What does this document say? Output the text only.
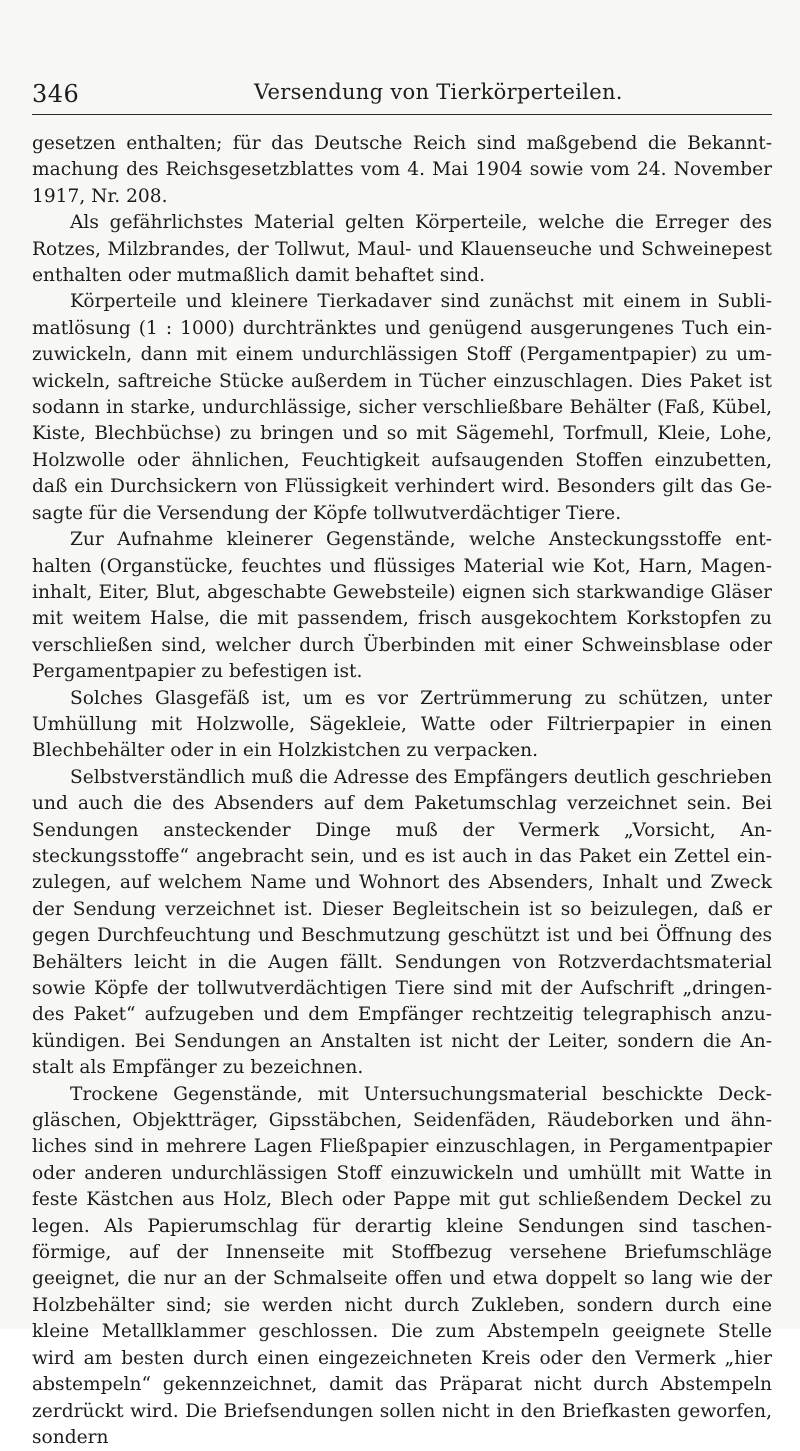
346	Versendung von Tierkörperteilen.

gesetzen enthalten; für das Deutsche Reich sind maßgebend die Bekanntmachung des Reichsgesetzblattes vom 4. Mai 1904 sowie vom 24. November 1917, Nr. 208.

Als gefährlichstes Material gelten Körperteile, welche die Erreger des Rotzes, Milzbrandes, der Tollwut, Maul- und Klauenseuche und Schweinepest enthalten oder mutmaßlich damit behaftet sind.

Körperteile und kleinere Tierkadaver sind zunächst mit einem in Sublimatlösung (1 : 1000) durchtränktes und genügend ausgerungenes Tuch einzuwickeln, dann mit einem undurchlässigen Stoff (Pergamentpapier) zu umwickeln, saftreiche Stücke außerdem in Tücher einzuschlagen. Dies Paket ist sodann in starke, undurchlässige, sicher verschließbare Behälter (Faß, Kübel, Kiste, Blechbüchse) zu bringen und so mit Sägemehl, Torfmull, Kleie, Lohe, Holzwolle oder ähnlichen, Feuchtigkeit aufsaugenden Stoffen einzubetten, daß ein Durchsickern von Flüssigkeit verhindert wird. Besonders gilt das Gesagte für die Versendung der Köpfe tollwutverdächtiger Tiere.

Zur Aufnahme kleinerer Gegenstände, welche Ansteckungsstoffe enthalten (Organstücke, feuchtes und flüssiges Material wie Kot, Harn, Mageninhalt, Eiter, Blut, abgeschabte Gewebsteile) eignen sich starkwandige Gläser mit weitem Halse, die mit passendem, frisch ausgekochtem Korkstopfen zu verschließen sind, welcher durch Überbinden mit einer Schweinsblase oder Pergamentpapier zu befestigen ist.

Solches Glasgefäß ist, um es vor Zertrümmerung zu schützen, unter Umhüllung mit Holzwolle, Sägekleie, Watte oder Filtrierpapier in einen Blechbehälter oder in ein Holzkistchen zu verpacken.

Selbstverständlich muß die Adresse des Empfängers deutlich geschrieben und auch die des Absenders auf dem Paketumschlag verzeichnet sein. Bei Sendungen ansteckender Dinge muß der Vermerk „Vorsicht, Ansteckungsstoffe“ angebracht sein, und es ist auch in das Paket ein Zettel einzulegen, auf welchem Name und Wohnort des Absenders, Inhalt und Zweck der Sendung verzeichnet ist. Dieser Begleitschein ist so beizulegen, daß er gegen Durchfeuchtung und Beschmutzung geschützt ist und bei Öffnung des Behälters leicht in die Augen fällt. Sendungen von Rotzverdachtsmaterial sowie Köpfe der tollwutverdächtigen Tiere sind mit der Aufschrift „dringendes Paket“ aufzugeben und dem Empfänger rechtzeitig telegraphisch anzukündigen. Bei Sendungen an Anstalten ist nicht der Leiter, sondern die Anstalt als Empfänger zu bezeichnen.

Trockene Gegenstände, mit Untersuchungsmaterial beschickte Deckgläschen, Objektträger, Gipsstäbchen, Seidenfäden, Räudeborken und ähnliches sind in mehrere Lagen Fließpapier einzuschlagen, in Pergamentpapier oder anderen undurchlässigen Stoff einzuwickeln und umhüllt mit Watte in feste Kästchen aus Holz, Blech oder Pappe mit gut schließendem Deckel zu legen. Als Papierumschlag für derartig kleine Sendungen sind taschenförmige, auf der Innenseite mit Stoffbezug versehene Briefumschläge geeignet, die nur an der Schmalseite offen und etwa doppelt so lang wie der Holzbehälter sind; sie werden nicht durch Zukleben, sondern durch eine kleine Metallklammer geschlossen. Die zum Abstempeln geeignete Stelle wird am besten durch einen eingezeichneten Kreis oder den Vermerk „hier abstempeln“ gekennzeichnet, damit das Präparat nicht durch Abstempeln zerdrückt wird. Die Briefsendungen sollen nicht in den Briefkasten geworfen, sondern
